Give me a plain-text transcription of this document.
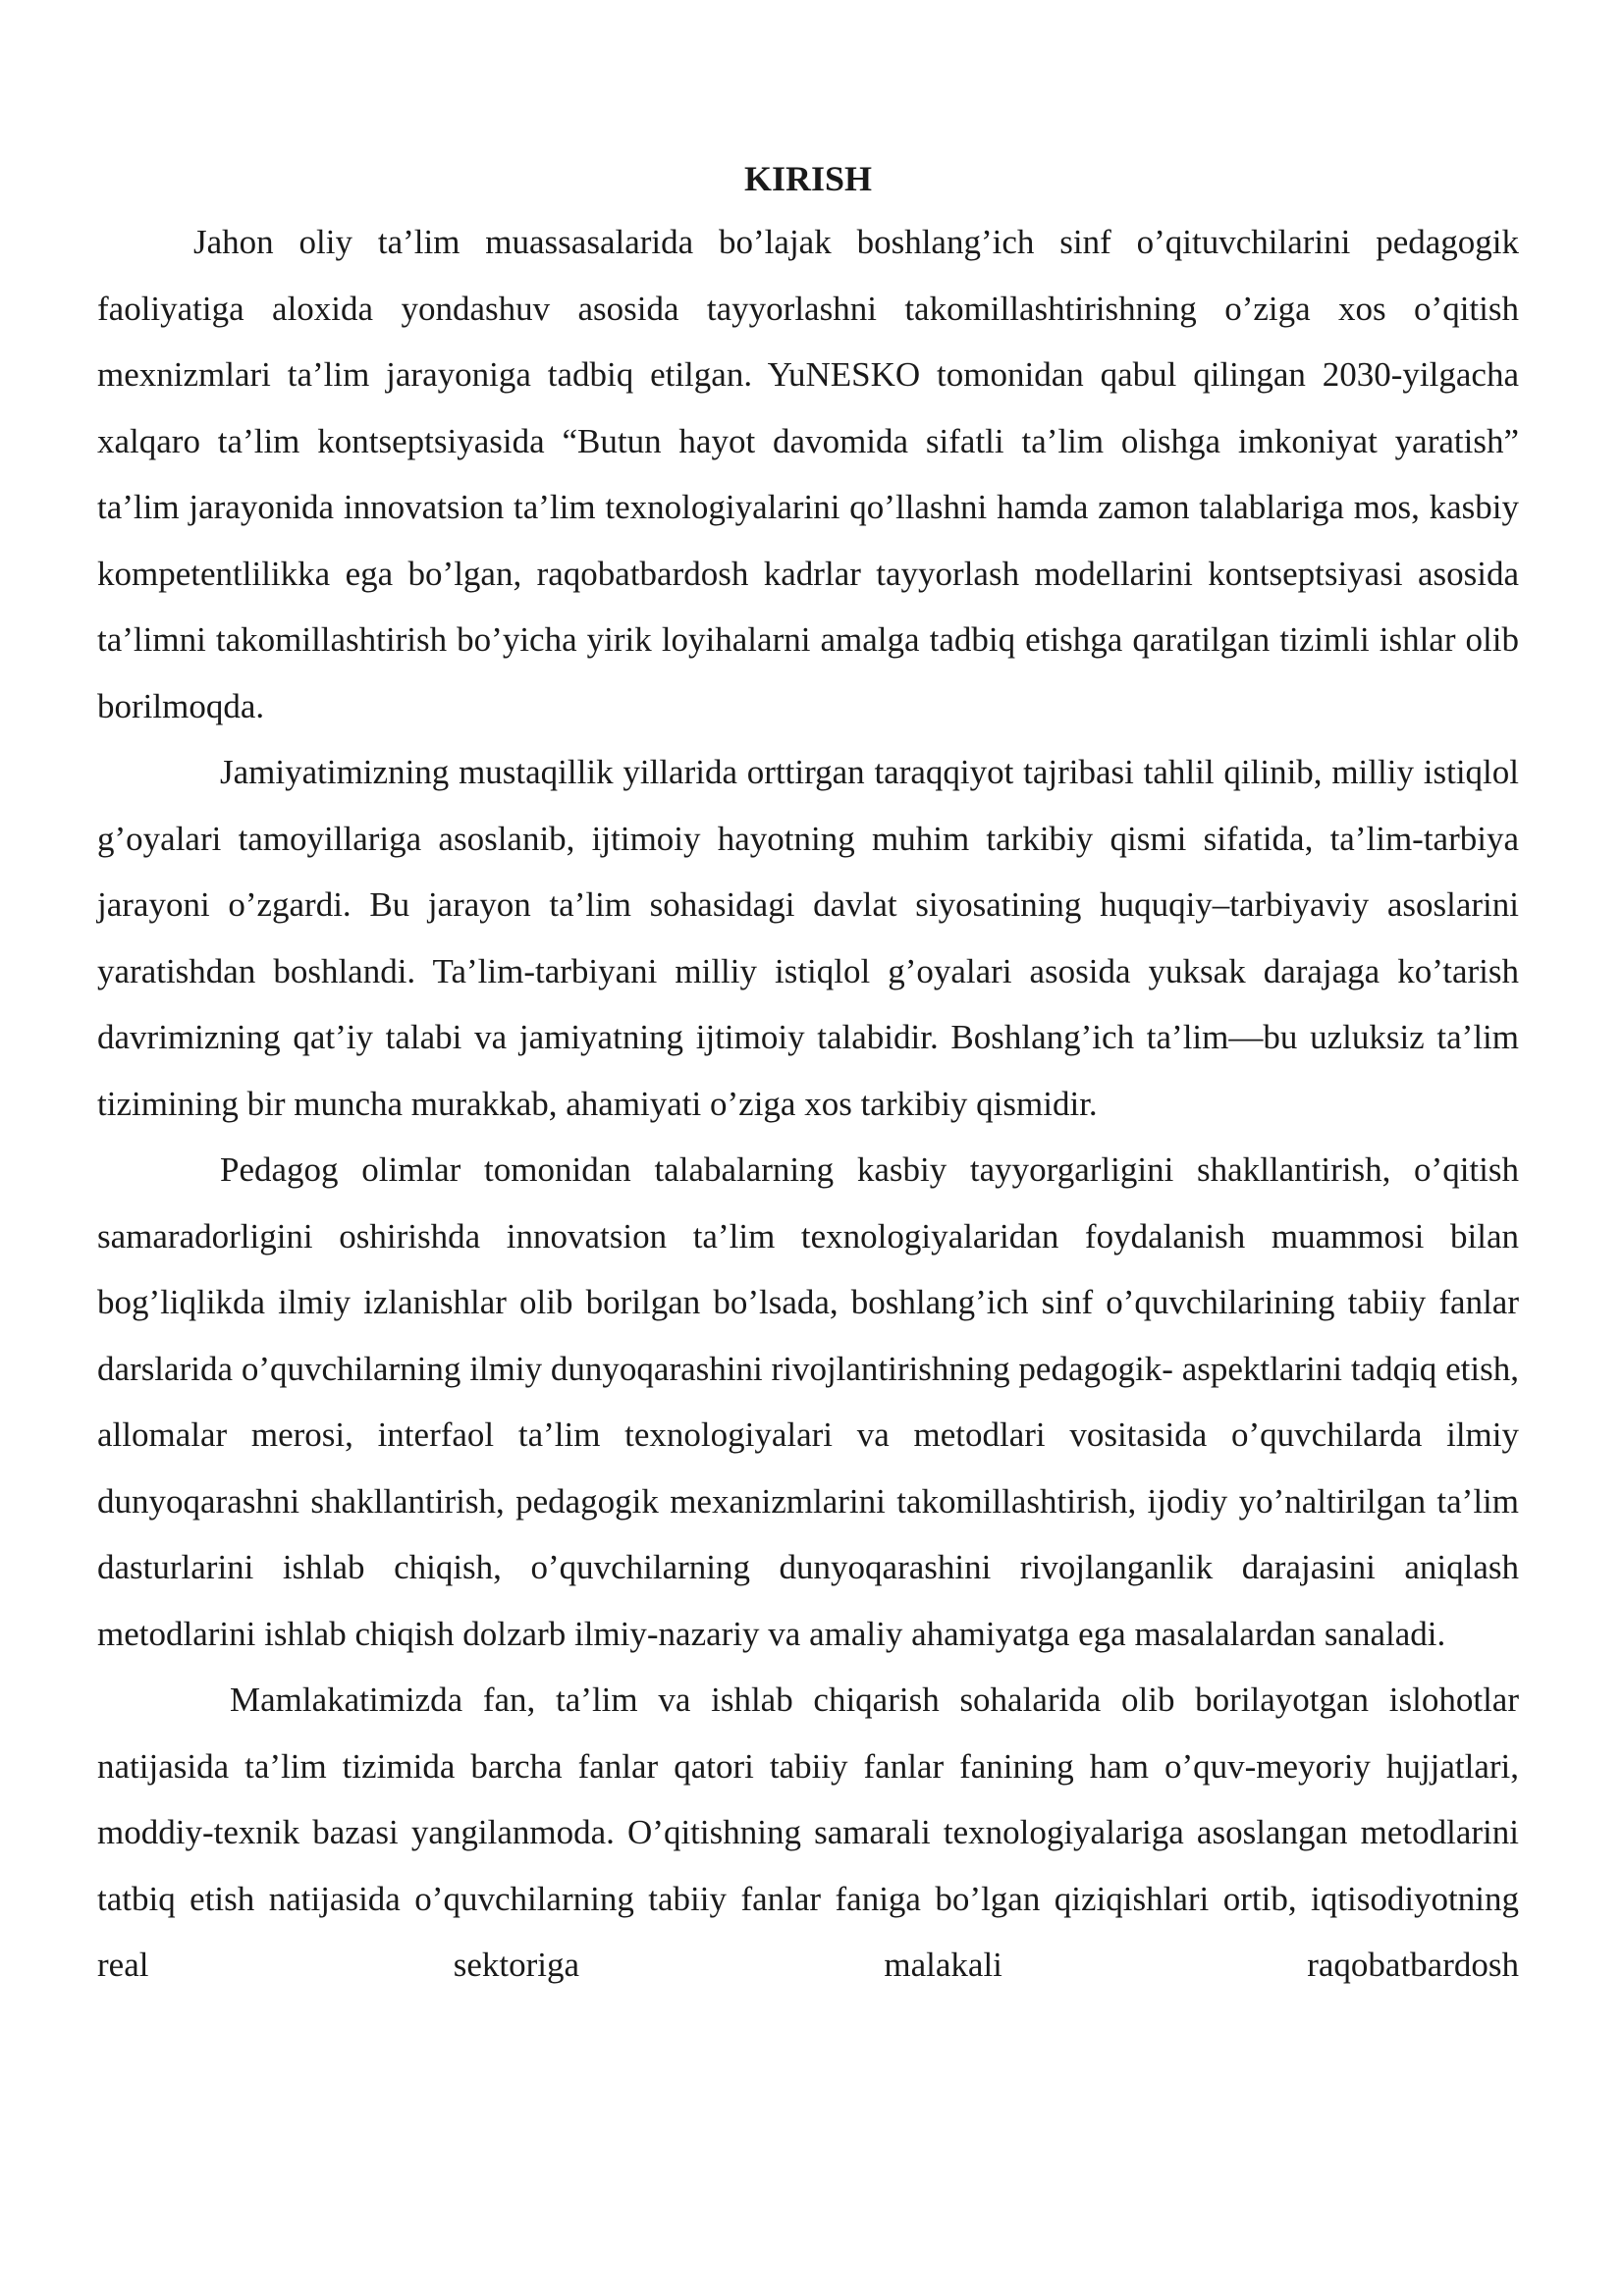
KIRISH

Jahon oliy ta’lim muassasalarida bo’lajak boshlang’ich sinf o’qituvchilarini pedagogik faoliyatiga aloxida yondashuv asosida tayyorlashni takomillashtirishning o’ziga xos o’qitish mexnizmlari ta’lim jarayoniga tadbiq etilgan. YuNESKO tomonidan qabul qilingan 2030-yilgacha xalqaro ta’lim kontseptsiyasida “Butun hayot davomida sifatli ta’lim olishga imkoniyat yaratish” ta’lim jarayonida innovatsion ta’lim texnologiyalarini qo’llashni hamda zamon talablariga mos, kasbiy kompetentlilikka ega bo’lgan, raqobatbardosh kadrlar tayyorlash modellarini kontseptsiyasi asosida ta’limni takomillashtirish bo’yicha yirik loyihalarni amalga tadbiq etishga qaratilgan tizimli ishlar olib borilmoqda.

Jamiyatimizning mustaqillik yillarida orttirgan taraqqiyot tajribasi tahlil qilinib, milliy istiqlol g’oyalari tamoyillariga asoslanib, ijtimoiy hayotning muhim tarkibiy qismi sifatida, ta’lim-tarbiya jarayoni o’zgardi. Bu jarayon ta’lim sohasidagi davlat siyosatining huquqiy–tarbiyaviy asoslarini yaratishdan boshlandi. Ta’lim-tarbiyani milliy istiqlol g’oyalari asosida yuksak darajaga ko’tarish davrimizning qat’iy talabi va jamiyatning ijtimoiy talabidir. Boshlang’ich ta’lim—bu uzluksiz ta’lim tizimining bir muncha murakkab, ahamiyati o’ziga xos tarkibiy qismidir.

Pedagog olimlar tomonidan talabalarning kasbiy tayyorgarligini shakllantirish, o’qitish samaradorligini oshirishda innovatsion ta’lim texnologiyalaridan foydalanish muammosi bilan bog’liqlikda ilmiy izlanishlar olib borilgan bo’lsada, boshlang’ich sinf o’quvchilarining tabiiy fanlar darslarida o’quvchilarning ilmiy dunyoqarashini rivojlantirishning pedagogik- aspektlarini tadqiq etish, allomalar merosi, interfaol ta’lim texnologiyalari va metodlari vositasida o’quvchilarda ilmiy dunyoqarashni shakllantirish, pedagogik mexanizmlarini takomillashtirish, ijodiy yo’naltirilgan ta’lim dasturlarini ishlab chiqish, o’quvchilarning dunyoqarashini rivojlanganlik darajasini aniqlash metodlarini ishlab chiqish dolzarb ilmiy-nazariy va amaliy ahamiyatga ega masalalardan sanaladi.

Mamlakatimizda fan, ta’lim va ishlab chiqarish sohalarida olib borilayotgan islohotlar natijasida ta’lim tizimida barcha fanlar qatori tabiiy fanlar fanining ham o’quv-meyoriy hujjatlari, moddiy-texnik bazasi yangilanmoda. O’qitishning samarali texnologiyalariga asoslangan metodlarini tatbiq etish natijasida o’quvchilarning tabiiy fanlar faniga bo’lgan qiziqishlari ortib, iqtisodiyotning real sektoriga malakali raqobatbardosh
